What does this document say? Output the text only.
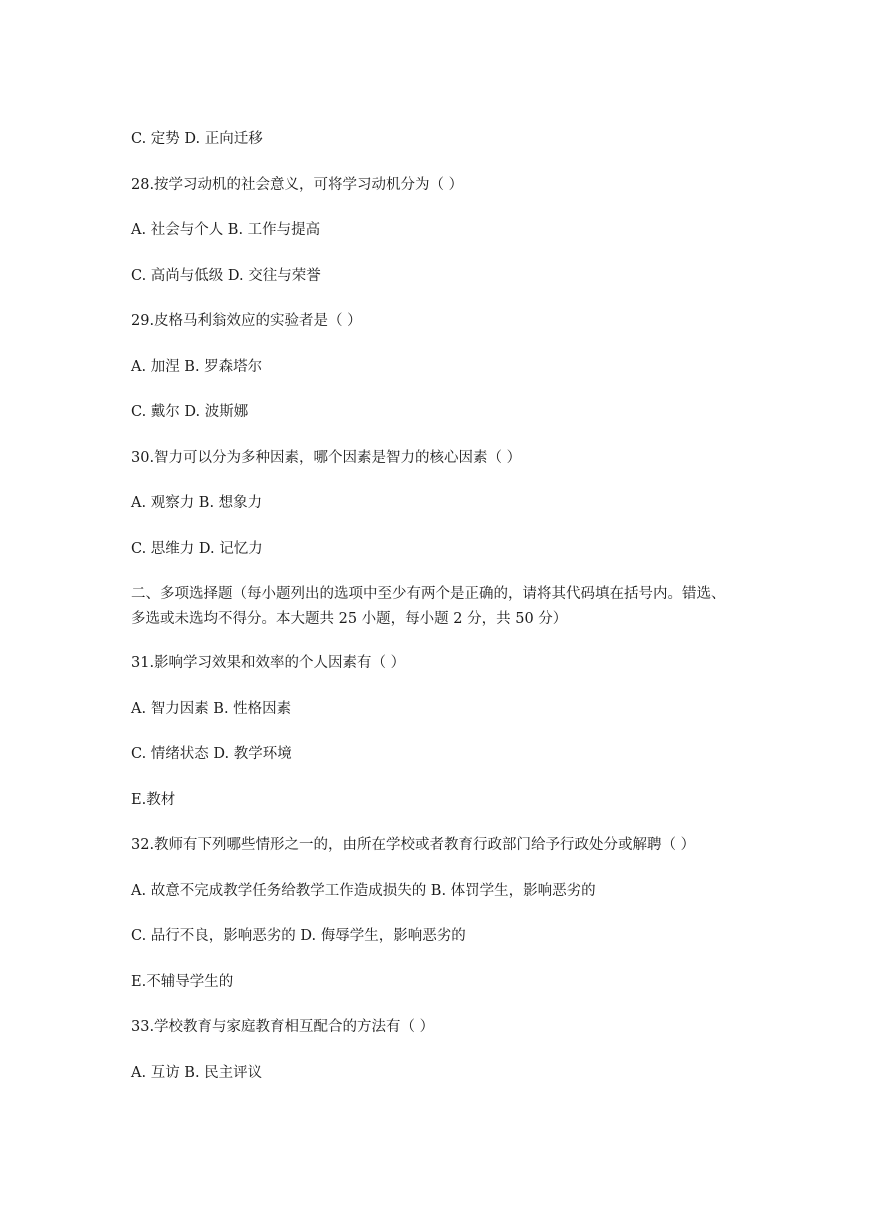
C. 定势 D. 正向迁移
28.按学习动机的社会意义，可将学习动机分为（ ）
A. 社会与个人 B. 工作与提高
C. 高尚与低级 D. 交往与荣誉
29.皮格马利翁效应的实验者是（ ）
A. 加涅 B. 罗森塔尔
C. 戴尔 D. 波斯娜
30.智力可以分为多种因素，哪个因素是智力的核心因素（ ）
A. 观察力 B. 想象力
C. 思维力 D. 记忆力
二、多项选择题（每小题列出的选项中至少有两个是正确的，请将其代码填在括号内。错选、
多选或未选均不得分。本大题共 25 小题，每小题 2 分，共 50 分）
31.影响学习效果和效率的个人因素有（ ）
A. 智力因素 B. 性格因素
C. 情绪状态 D. 教学环境
E.教材
32.教师有下列哪些情形之一的，由所在学校或者教育行政部门给予行政处分或解聘（ ）
A. 故意不完成教学任务给教学工作造成损失的 B. 体罚学生，影响恶劣的
C. 品行不良，影响恶劣的 D. 侮辱学生，影响恶劣的
E.不辅导学生的
33.学校教育与家庭教育相互配合的方法有（ ）
A. 互访 B. 民主评议
